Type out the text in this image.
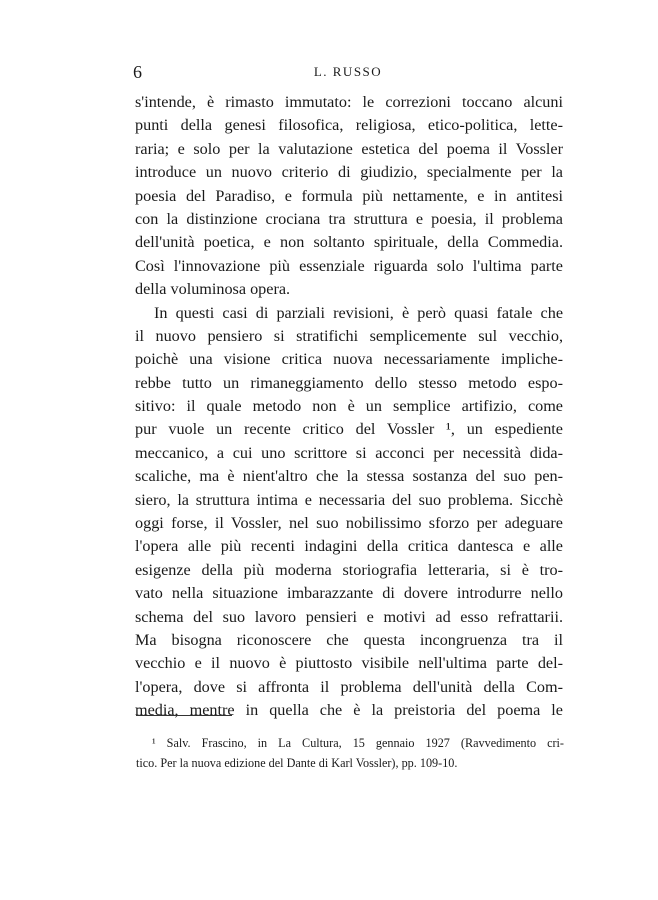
6	L. RUSSO
s'intende, è rimasto immutato: le correzioni toccano alcuni
punti della genesi filosofica, religiosa, etico-politica, lette-
raria; e solo per la valutazione estetica del poema il Vossler
introduce un nuovo criterio di giudizio, specialmente per la
poesia del Paradiso, e formula più nettamente, e in antitesi
con la distinzione crociana tra struttura e poesia, il problema
dell'unità poetica, e non soltanto spirituale, della Commedia.
Così l'innovazione più essenziale riguarda solo l'ultima parte
della voluminosa opera.
In questi casi di parziali revisioni, è però quasi fatale che
il nuovo pensiero si stratifichi semplicemente sul vecchio,
poichè una visione critica nuova necessariamente impliche-
rebbe tutto un rimaneggiamento dello stesso metodo espo-
sitivo: il quale metodo non è un semplice artifizio, come
pur vuole un recente critico del Vossler ¹, un espediente
meccanico, a cui uno scrittore si acconci per necessità dida-
scaliche, ma è nient'altro che la stessa sostanza del suo pen-
siero, la struttura intima e necessaria del suo problema. Sicchè
oggi forse, il Vossler, nel suo nobilissimo sforzo per adeguare
l'opera alle più recenti indagini della critica dantesca e alle
esigenze della più moderna storiografia letteraria, si è tro-
vato nella situazione imbarazzante di dovere introdurre nello
schema del suo lavoro pensieri e motivi ad esso refrattarii.
Ma bisogna riconoscere che questa incongruenza tra il
vecchio e il nuovo è piuttosto visibile nell'ultima parte del-
l'opera, dove si affronta il problema dell'unità della Com-
media, mentre in quella che è la preistoria del poema le
¹ Salv. Frascino, in La Cultura, 15 gennaio 1927 (Ravvedimento cri-
tico. Per la nuova edizione del Dante di Karl Vossler), pp. 109-10.
